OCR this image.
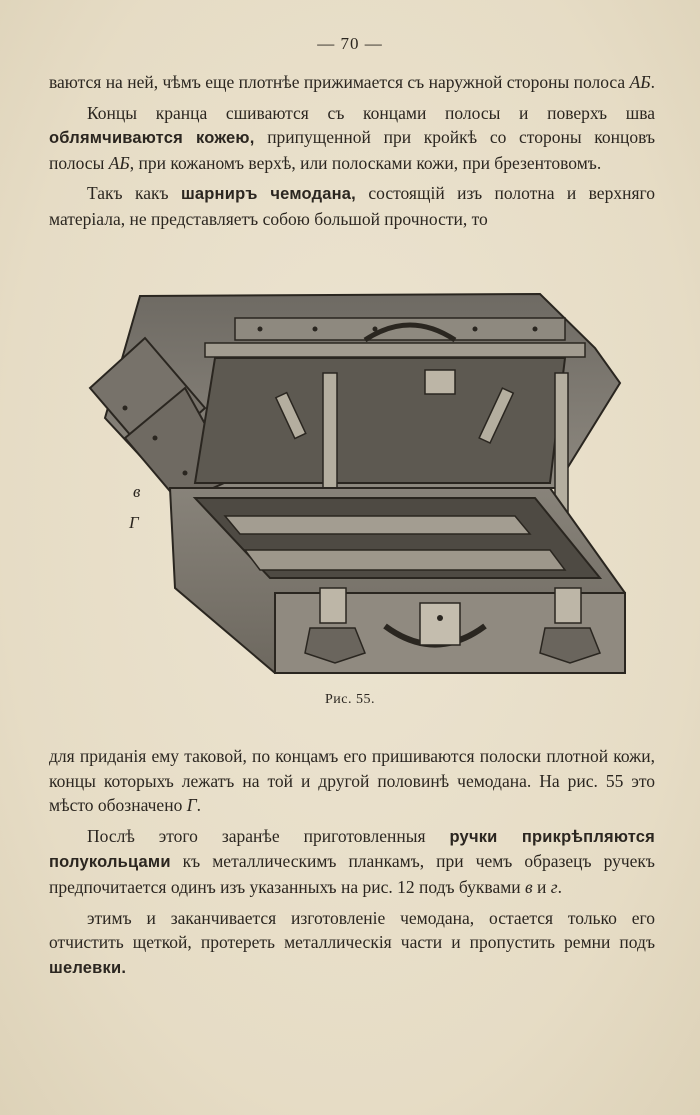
— 70 —

ваются на ней, чѣмъ еще плотнѣе прижимается съ наружной стороны полоса АБ.

Концы кранца сшиваются съ концами полосы и поверхъ шва облямчиваются кожею, припущенной при кройкѣ со стороны концовъ полосы АБ, при кожаномъ верхѣ, или полосками кожи, при брезентовомъ.

Такъ какъ шарниръ чемодана, состоящій изъ полотна и верхняго матеріала, не представляетъ собою большой прочности, то

в
Г
Рис. 55.

для приданія ему таковой, по концамъ его пришиваются полоски плотной кожи, концы которыхъ лежатъ на той и другой половинѣ чемодана. На рис. 55 это мѣсто обозначено Г.

Послѣ этого заранѣе приготовленныя ручки прикрѣпляются полукольцами къ металлическимъ планкамъ, при чемъ образецъ ручекъ предпочитается одинъ изъ указанныхъ на рис. 12 подъ буквами в и г.

этимъ и заканчивается изготовленіе чемодана, остается только его отчистить щеткой, протереть металлическія части и пропустить ремни подъ шелевки.
